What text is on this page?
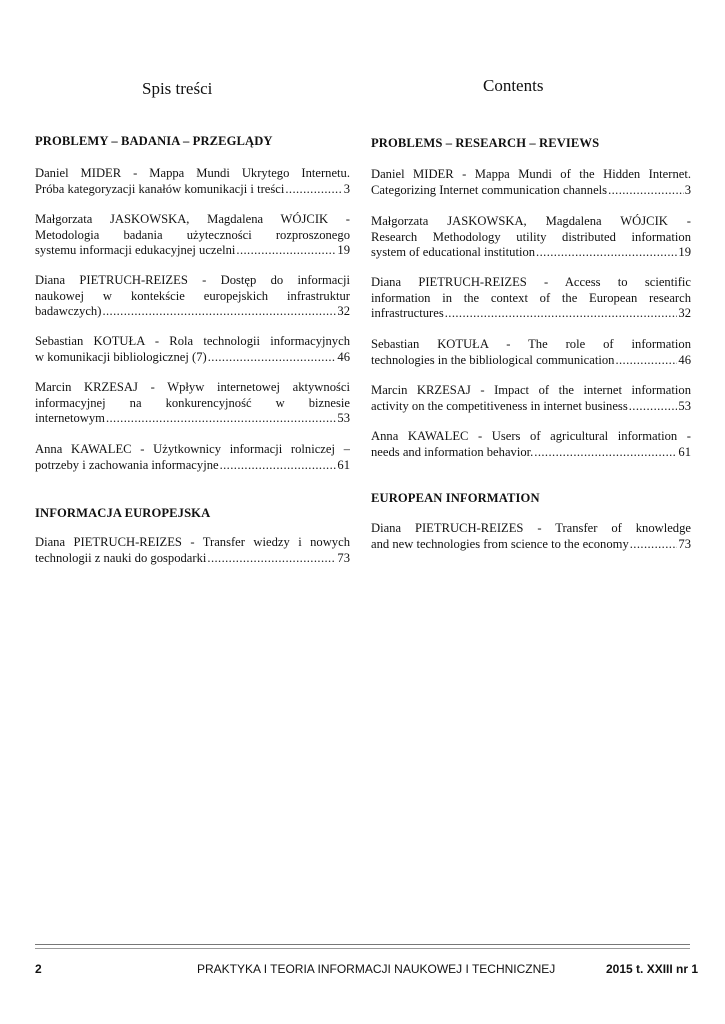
Spis treści

PROBLEMY – BADANIA – PRZEGLĄDY

Daniel MIDER - Mappa Mundi Ukrytego Internetu.
Próba kategoryzacji kanałów komunikacji i treści .....	3
Małgorzata JASKOWSKA, Magdalena WÓJCIK -
Metodologia badania użyteczności rozproszonego
systemu informacji edukacyjnej uczelni .....	19
Diana PIETRUCH-REIZES - Dostęp do informacji
naukowej w kontekście europejskich infrastruktur
badawczych) .....	32
Sebastian KOTUŁA - Rola technologii informacyjnych
w komunikacji bibliologicznej (7) .....	46
Marcin KRZESAJ - Wpływ internetowej aktywności
informacyjnej na konkurencyjność w biznesie
internetowym .....	53
Anna KAWALEC - Użytkownicy informacji rolniczej –
potrzeby i zachowania informacyjne .....	61

INFORMACJA EUROPEJSKA

Diana PIETRUCH-REIZES - Transfer wiedzy i nowych
technologii z nauki do gospodarki .....	73
Contents

PROBLEMS – RESEARCH – REVIEWS

Daniel MIDER - Mappa Mundi of the Hidden Internet.
Categorizing Internet communication channels .....	3
Małgorzata JASKOWSKA, Magdalena WÓJCIK -
Research Methodology utility distributed information
system of educational institution .....	19
Diana PIETRUCH-REIZES - Access to scientific
information in the context of the European research
infrastructures .....	32
Sebastian KOTUŁA - The role of information
technologies in the bibliological communication .....	46
Marcin KRZESAJ - Impact of the internet information
activity on the competitiveness in internet business .....	53
Anna KAWALEC - Users of agricultural information -
needs and information behavior. .....	61

EUROPEAN INFORMATION

Diana PIETRUCH-REIZES - Transfer of knowledge
and new technologies from science to the economy .....	73
2	PRAKTYKA I TEORIA INFORMACJI NAUKOWEJ I TECHNICZNEJ	2015 t. XXIII nr 1
